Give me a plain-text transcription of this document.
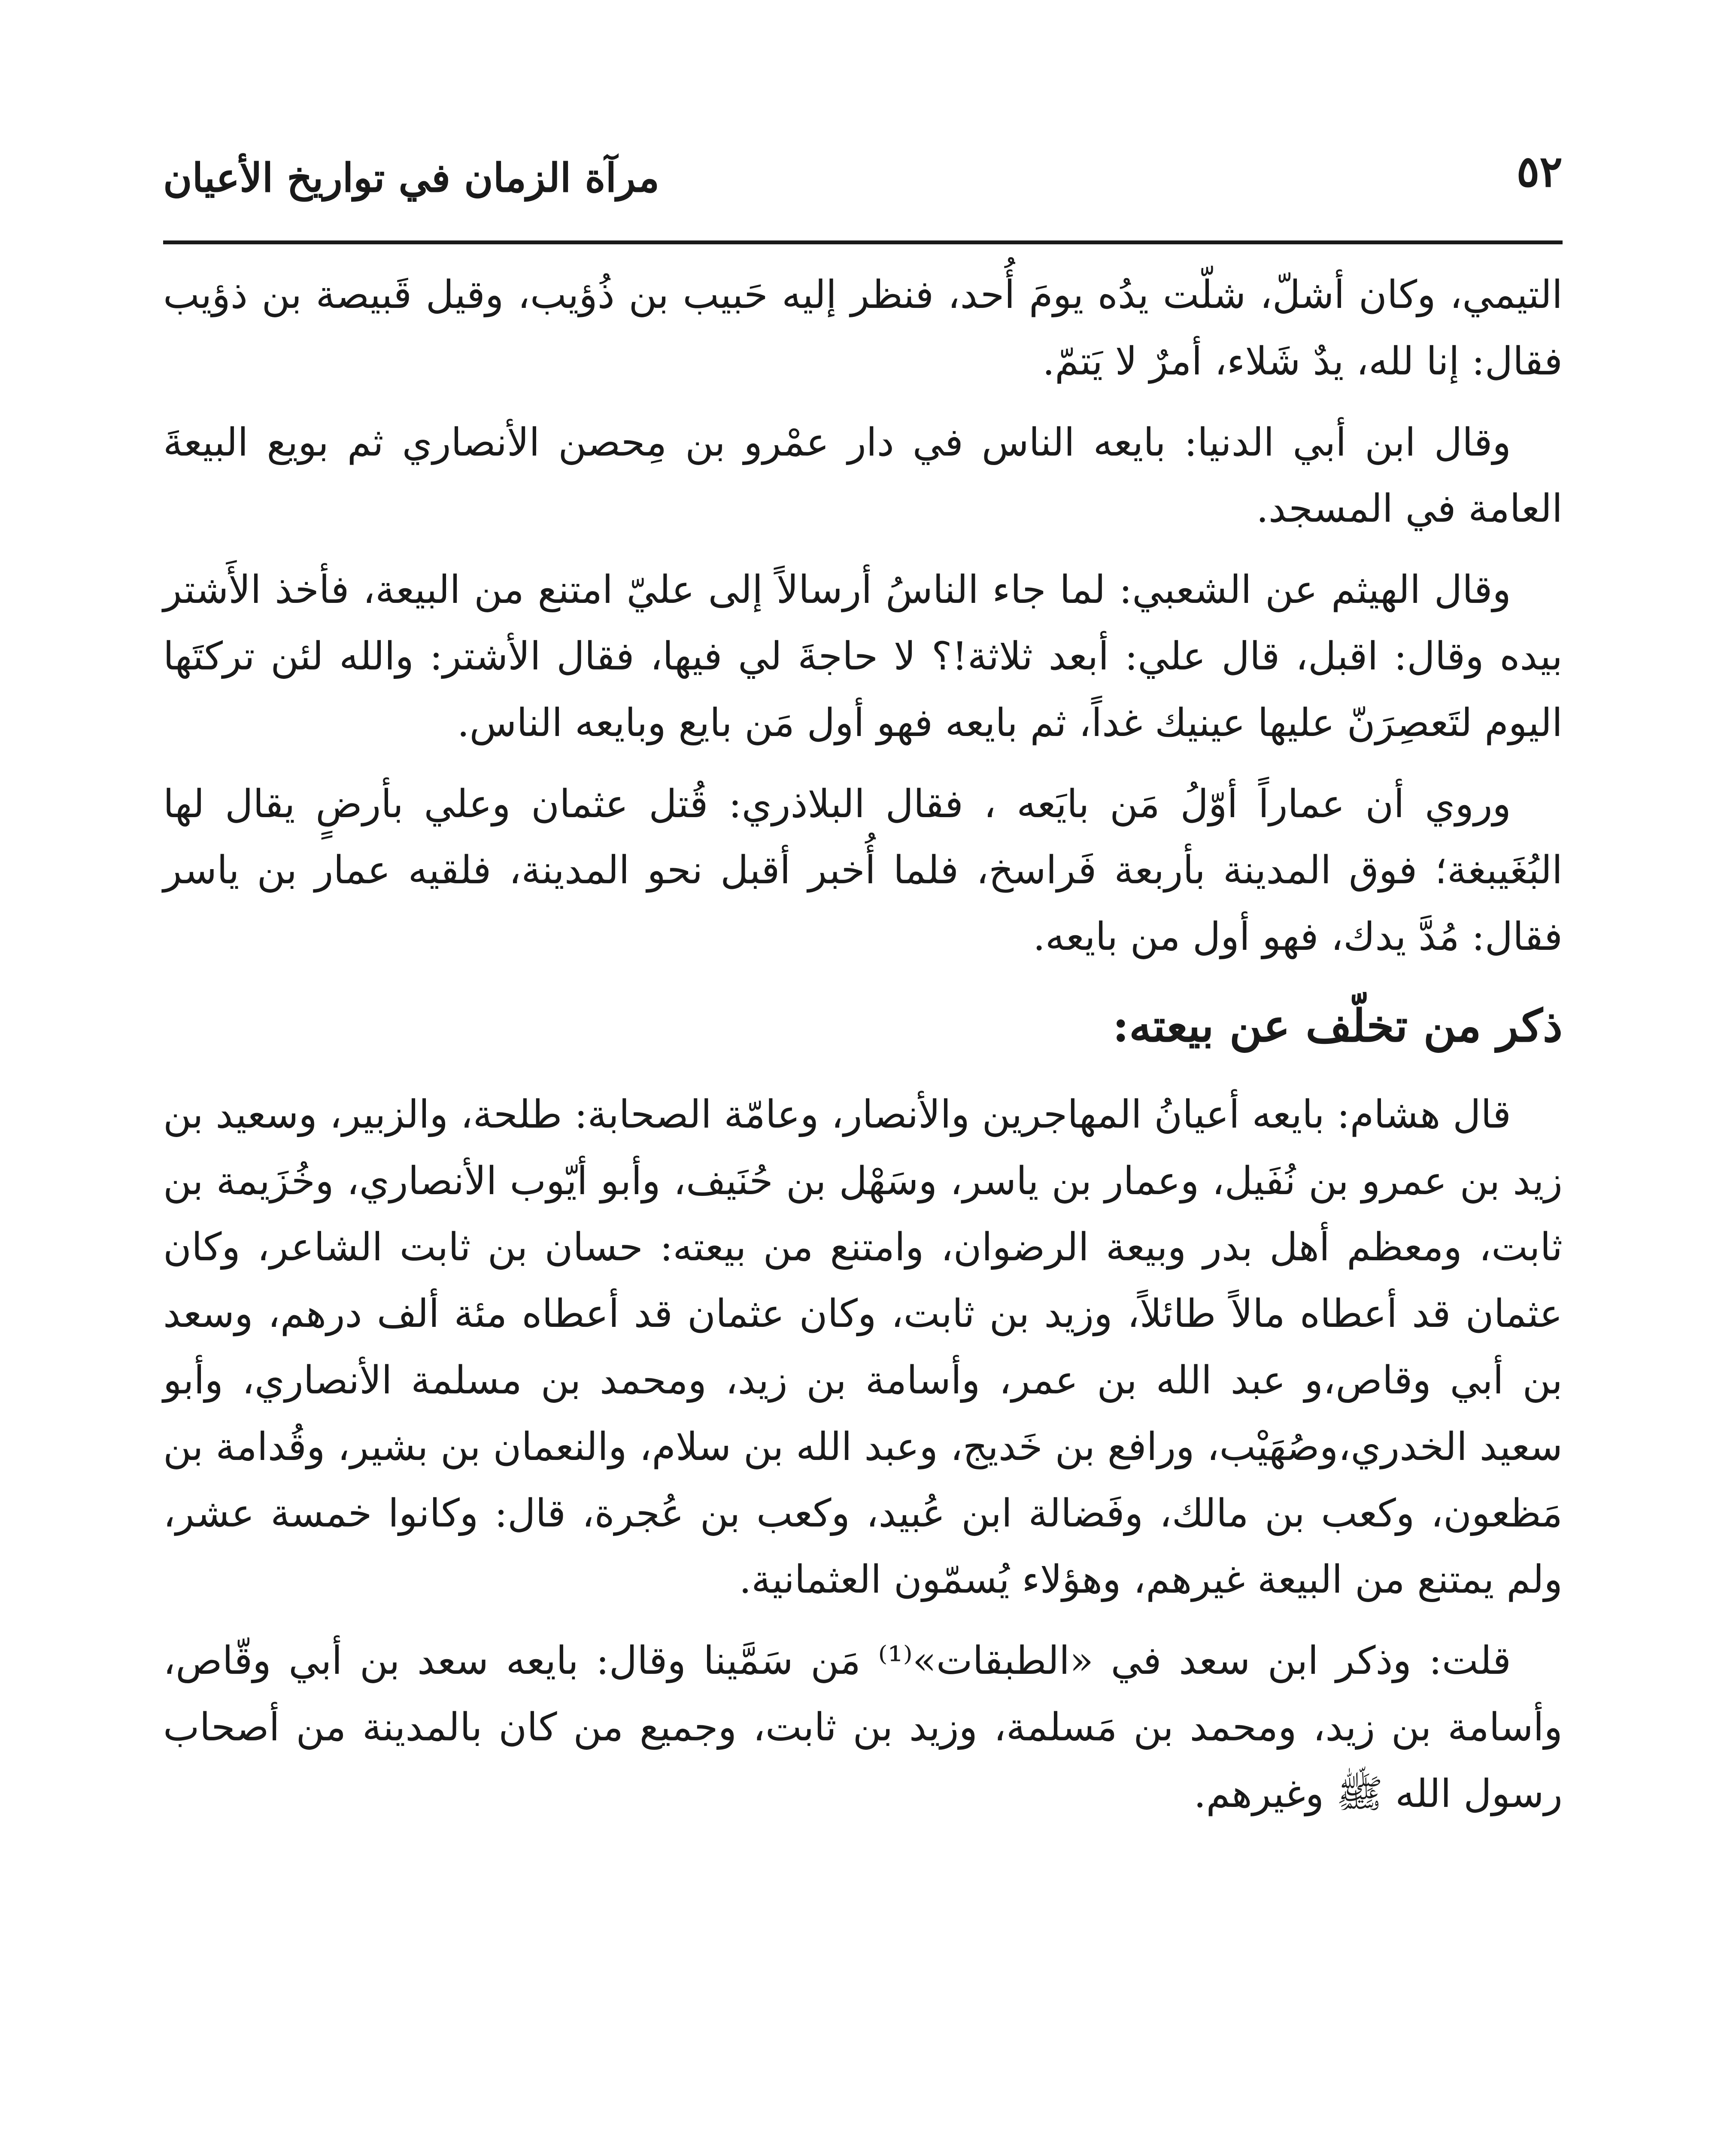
٥٢
مرآة الزمان في تواريخ الأعيان

التيمي، وكان أشلّ، شلّت يدُه يومَ أُحد، فنظر إليه حَبيب بن ذُؤيب، وقيل قَبيصة بن ذؤيب فقال: إنا لله، يدٌ شَلاء، أمرٌ لا يَتمّ.

وقال ابن أبي الدنيا: بايعه الناس في دار عمْرو بن مِحصن الأنصاري ثم بويع البيعةَ العامة في المسجد.

وقال الهيثم عن الشعبي: لما جاء الناسُ أرسالاً إلى عليّ امتنع من البيعة، فأخذ الأَشتر بيده وقال: اقبل، قال علي: أبعد ثلاثة!؟ لا حاجةَ لي فيها، فقال الأشتر: والله لئن تركتَها اليوم لتَعصِرَنّ عليها عينيك غداً، ثم بايعه فهو أول مَن بايع وبايعه الناس.

وروي أن عماراً أوّلُ مَن بايَعه ، فقال البلاذري: قُتل عثمان وعلي بأرضٍ يقال لها البُغَيبغة؛ فوق المدينة بأربعة فَراسخ، فلما أُخبر أقبل نحو المدينة، فلقيه عمار بن ياسر فقال: مُدَّ يدك، فهو أول من بايعه.

ذكر من تخلّف عن بيعته:

قال هشام: بايعه أعيانُ المهاجرين والأنصار، وعامّة الصحابة: طلحة، والزبير، وسعيد بن زيد بن عمرو بن نُفَيل، وعمار بن ياسر، وسَهْل بن حُنَيف، وأبو أيّوب الأنصاري، وخُزَيمة بن ثابت، ومعظم أهل بدر وبيعة الرضوان، وامتنع من بيعته: حسان بن ثابت الشاعر، وكان عثمان قد أعطاه مالاً طائلاً، وزيد بن ثابت، وكان عثمان قد أعطاه مئة ألف درهم، وسعد بن أبي وقاص،و عبد الله بن عمر، وأسامة بن زيد، ومحمد بن مسلمة الأنصاري، وأبو سعيد الخدري،وصُهَيْب، ورافع بن خَديج، وعبد الله بن سلام، والنعمان بن بشير، وقُدامة بن مَظعون، وكعب بن مالك، وفَضالة ابن عُبيد، وكعب بن عُجرة، قال: وكانوا خمسة عشر، ولم يمتنع من البيعة غيرهم، وهؤلاء يُسمّون العثمانية.

قلت: وذكر ابن سعد في «الطبقات»⁽¹⁾ مَن سَمَّينا وقال: بايعه سعد بن أبي وقّاص، وأسامة بن زيد، ومحمد بن مَسلمة، وزيد بن ثابت، وجميع من كان بالمدينة من أصحاب رسول الله ﷺ وغيرهم.
